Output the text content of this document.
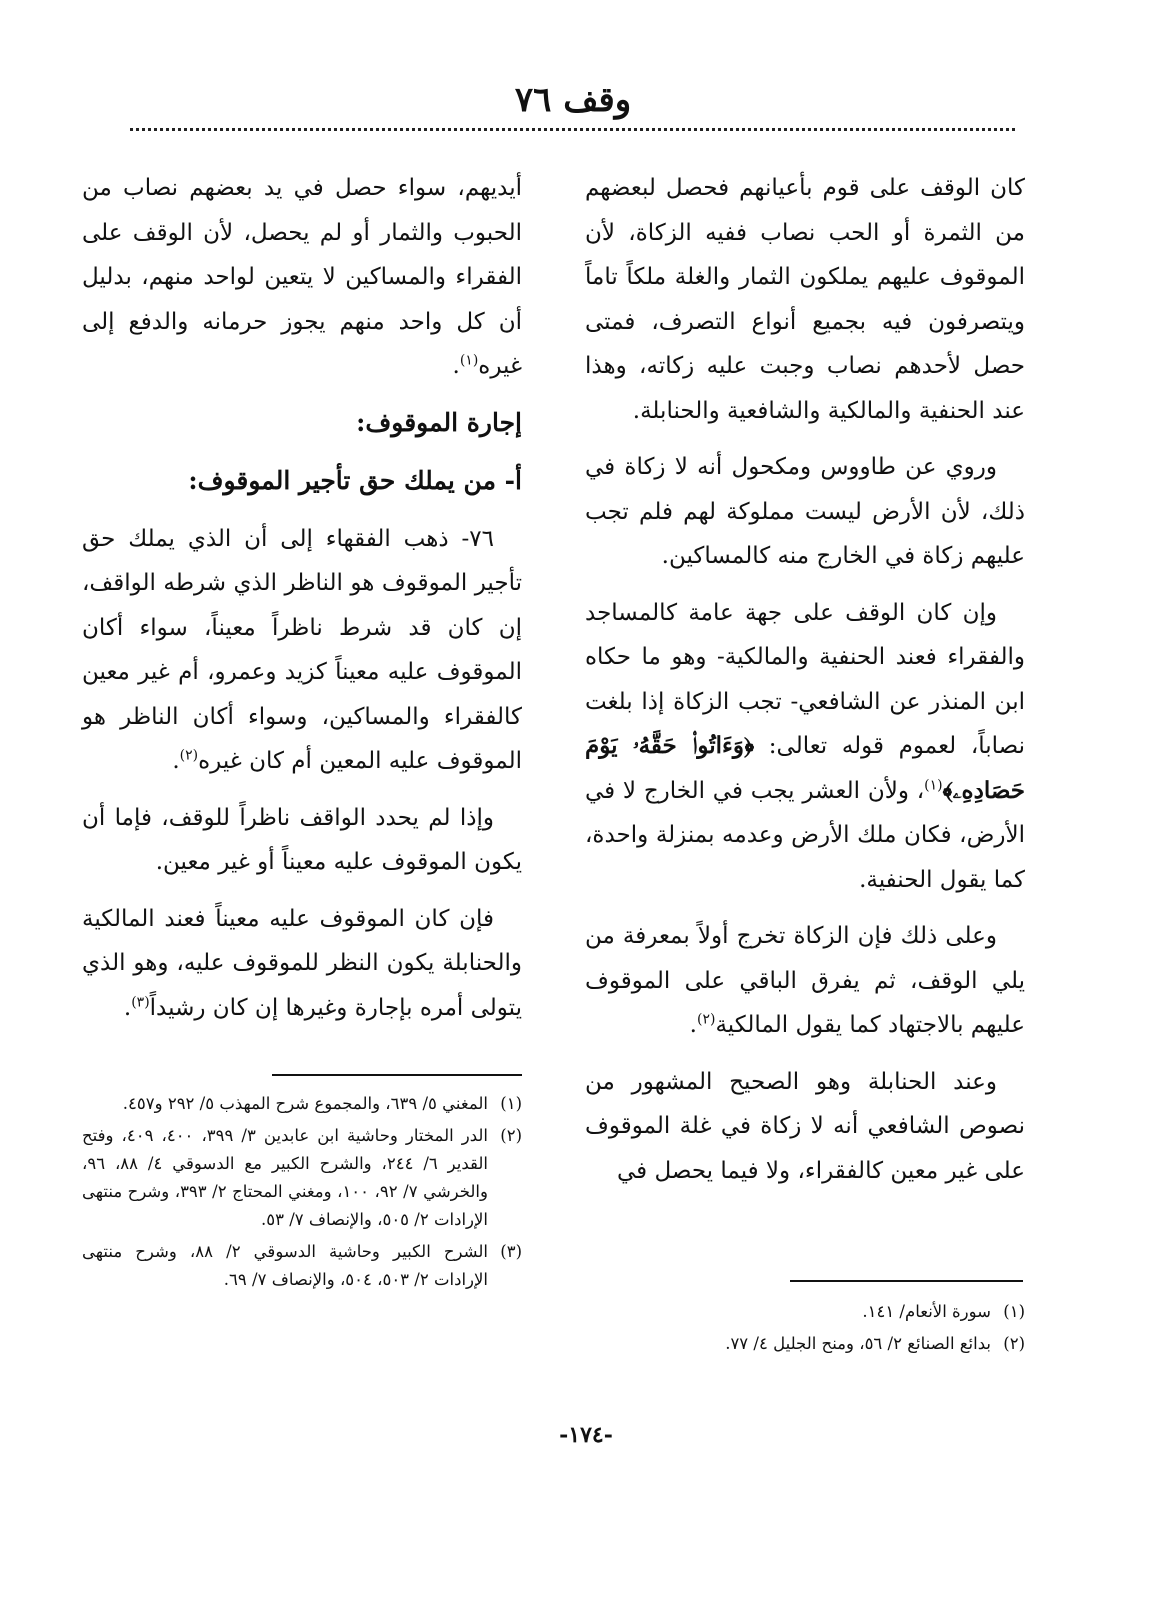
وقف ٧٦

كان الوقف على قوم بأعيانهم فحصل لبعضهم من الثمرة أو الحب نصاب ففيه الزكاة، لأن الموقوف عليهم يملكون الثمار والغلة ملكاً تاماً ويتصرفون فيه بجميع أنواع التصرف، فمتى حصل لأحدهم نصاب وجبت عليه زكاته، وهذا عند الحنفية والمالكية والشافعية والحنابلة.

وروي عن طاووس ومكحول أنه لا زكاة في ذلك، لأن الأرض ليست مملوكة لهم فلم تجب عليهم زكاة في الخارج منه كالمساكين.

وإن كان الوقف على جهة عامة كالمساجد والفقراء فعند الحنفية والمالكية- وهو ما حكاه ابن المنذر عن الشافعي- تجب الزكاة إذا بلغت نصاباً، لعموم قوله تعالى: ﴿وَءَاتُوا۟ حَقَّهُۥ يَوْمَ حَصَادِهِۦ﴾$^{(١)}$، ولأن العشر يجب في الخارج لا في الأرض، فكان ملك الأرض وعدمه بمنزلة واحدة، كما يقول الحنفية.

وعلى ذلك فإن الزكاة تخرج أولاً بمعرفة من يلي الوقف، ثم يفرق الباقي على الموقوف عليهم بالاجتهاد كما يقول المالكية$^{(٢)}$.

وعند الحنابلة وهو الصحيح المشهور من نصوص الشافعي أنه لا زكاة في غلة الموقوف على غير معين كالفقراء، ولا فيما يحصل في

أيديهم، سواء حصل في يد بعضهم نصاب من الحبوب والثمار أو لم يحصل، لأن الوقف على الفقراء والمساكين لا يتعين لواحد منهم، بدليل أن كل واحد منهم يجوز حرمانه والدفع إلى غيره$^{(١)}$.

إجارة الموقوف:
أ- من يملك حق تأجير الموقوف:

٧٦- ذهب الفقهاء إلى أن الذي يملك حق تأجير الموقوف هو الناظر الذي شرطه الواقف، إن كان قد شرط ناظراً معيناً، سواء أكان الموقوف عليه معيناً كزيد وعمرو، أم غير معين كالفقراء والمساكين، وسواء أكان الناظر هو الموقوف عليه المعين أم كان غيره$^{(٢)}$.

وإذا لم يحدد الواقف ناظراً للوقف، فإما أن يكون الموقوف عليه معيناً أو غير معين.

فإن كان الموقوف عليه معيناً فعند المالكية والحنابلة يكون النظر للموقوف عليه، وهو الذي يتولى أمره بإجارة وغيرها إن كان رشيداً$^{(٣)}$.

(١)
سورة الأنعام/ ١٤١.
(٢)
بدائع الصنائع ٢/ ٥٦، ومنح الجليل ٤/ ٧٧.
(١)
المغني ٥/ ٦٣٩، والمجموع شرح المهذب ٥/ ٢٩٢ و٤٥٧.
(٢)
الدر المختار وحاشية ابن عابدين ٣/ ٣٩٩، ٤٠٠، ٤٠٩، وفتح القدير ٦/ ٢٤٤، والشرح الكبير مع الدسوقي ٤/ ٨٨، ٩٦، والخرشي ٧/ ٩٢، ١٠٠، ومغني المحتاج ٢/ ٣٩٣، وشرح منتهى الإرادات ٢/ ٥٠٥، والإنصاف ٧/ ٥٣.
(٣)
الشرح الكبير وحاشية الدسوقي ٢/ ٨٨، وشرح منتهى الإرادات ٢/ ٥٠٣، ٥٠٤، والإنصاف ٧/ ٦٩.
-١٧٤-
